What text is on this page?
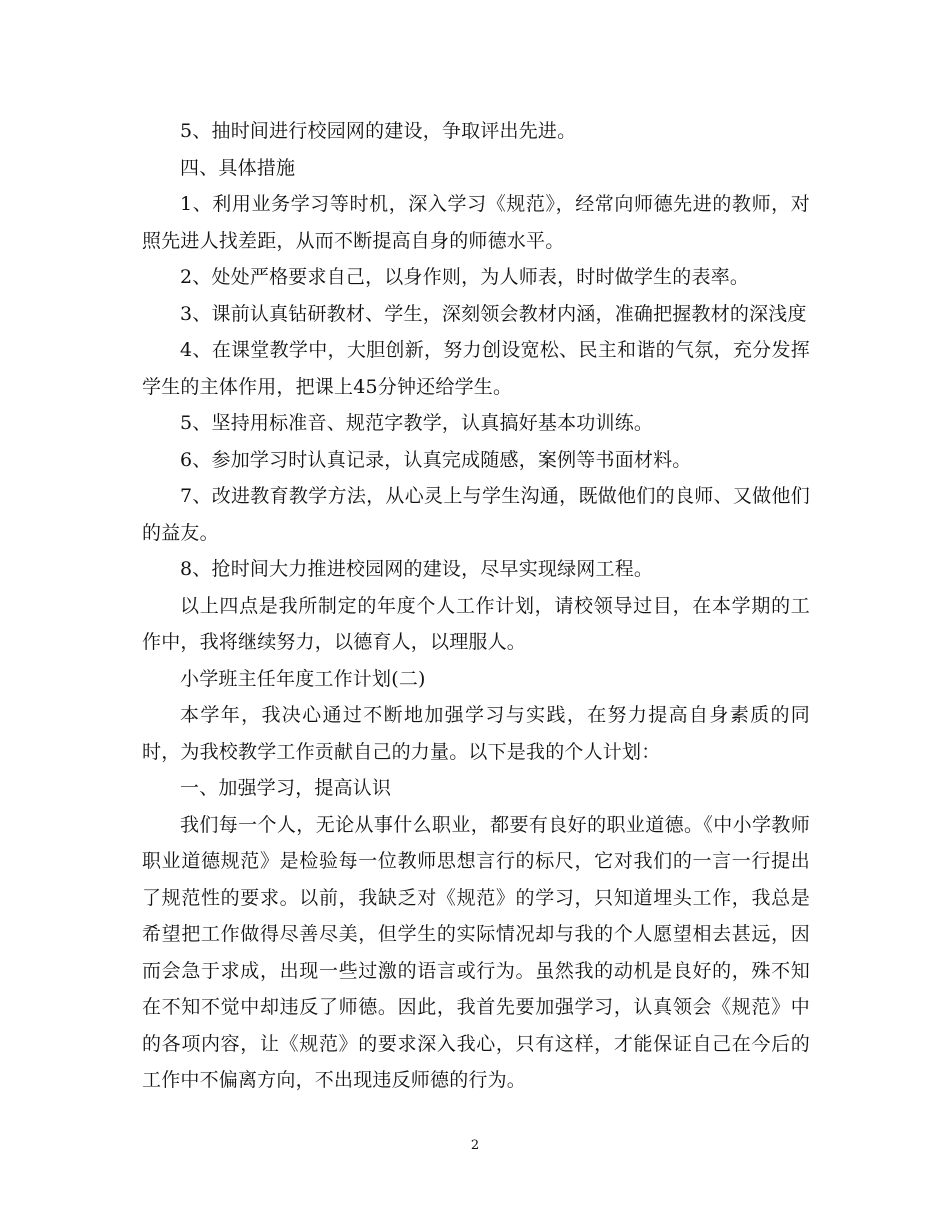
5、抽时间进行校园网的建设，争取评出先进。

四、具体措施

1、利用业务学习等时机，深入学习《规范》，经常向师德先进的教师，对照先进人找差距，从而不断提高自身的师德水平。

2、处处严格要求自己，以身作则，为人师表，时时做学生的表率。

3、课前认真钻研教材、学生，深刻领会教材内涵，准确把握教材的深浅度

4、在课堂教学中，大胆创新，努力创设宽松、民主和谐的气氛，充分发挥学生的主体作用，把课上45分钟还给学生。

5、坚持用标准音、规范字教学，认真搞好基本功训练。

6、参加学习时认真记录，认真完成随感，案例等书面材料。

7、改进教育教学方法，从心灵上与学生沟通，既做他们的良师、又做他们的益友。

8、抢时间大力推进校园网的建设，尽早实现绿网工程。

以上四点是我所制定的年度个人工作计划，请校领导过目，在本学期的工作中，我将继续努力，以德育人，以理服人。

小学班主任年度工作计划(二)

本学年，我决心通过不断地加强学习与实践，在努力提高自身素质的同时，为我校教学工作贡献自己的力量。以下是我的个人计划：

一、加强学习，提高认识

我们每一个人，无论从事什么职业，都要有良好的职业道德。《中小学教师职业道德规范》是检验每一位教师思想言行的标尺，它对我们的一言一行提出了规范性的要求。以前，我缺乏对《规范》的学习，只知道埋头工作，我总是希望把工作做得尽善尽美，但学生的实际情况却与我的个人愿望相去甚远，因而会急于求成，出现一些过激的语言或行为。虽然我的动机是良好的，殊不知在不知不觉中却违反了师德。因此，我首先要加强学习，认真领会《规范》中的各项内容，让《规范》的要求深入我心，只有这样，才能保证自己在今后的工作中不偏离方向，不出现违反师德的行为。

2
